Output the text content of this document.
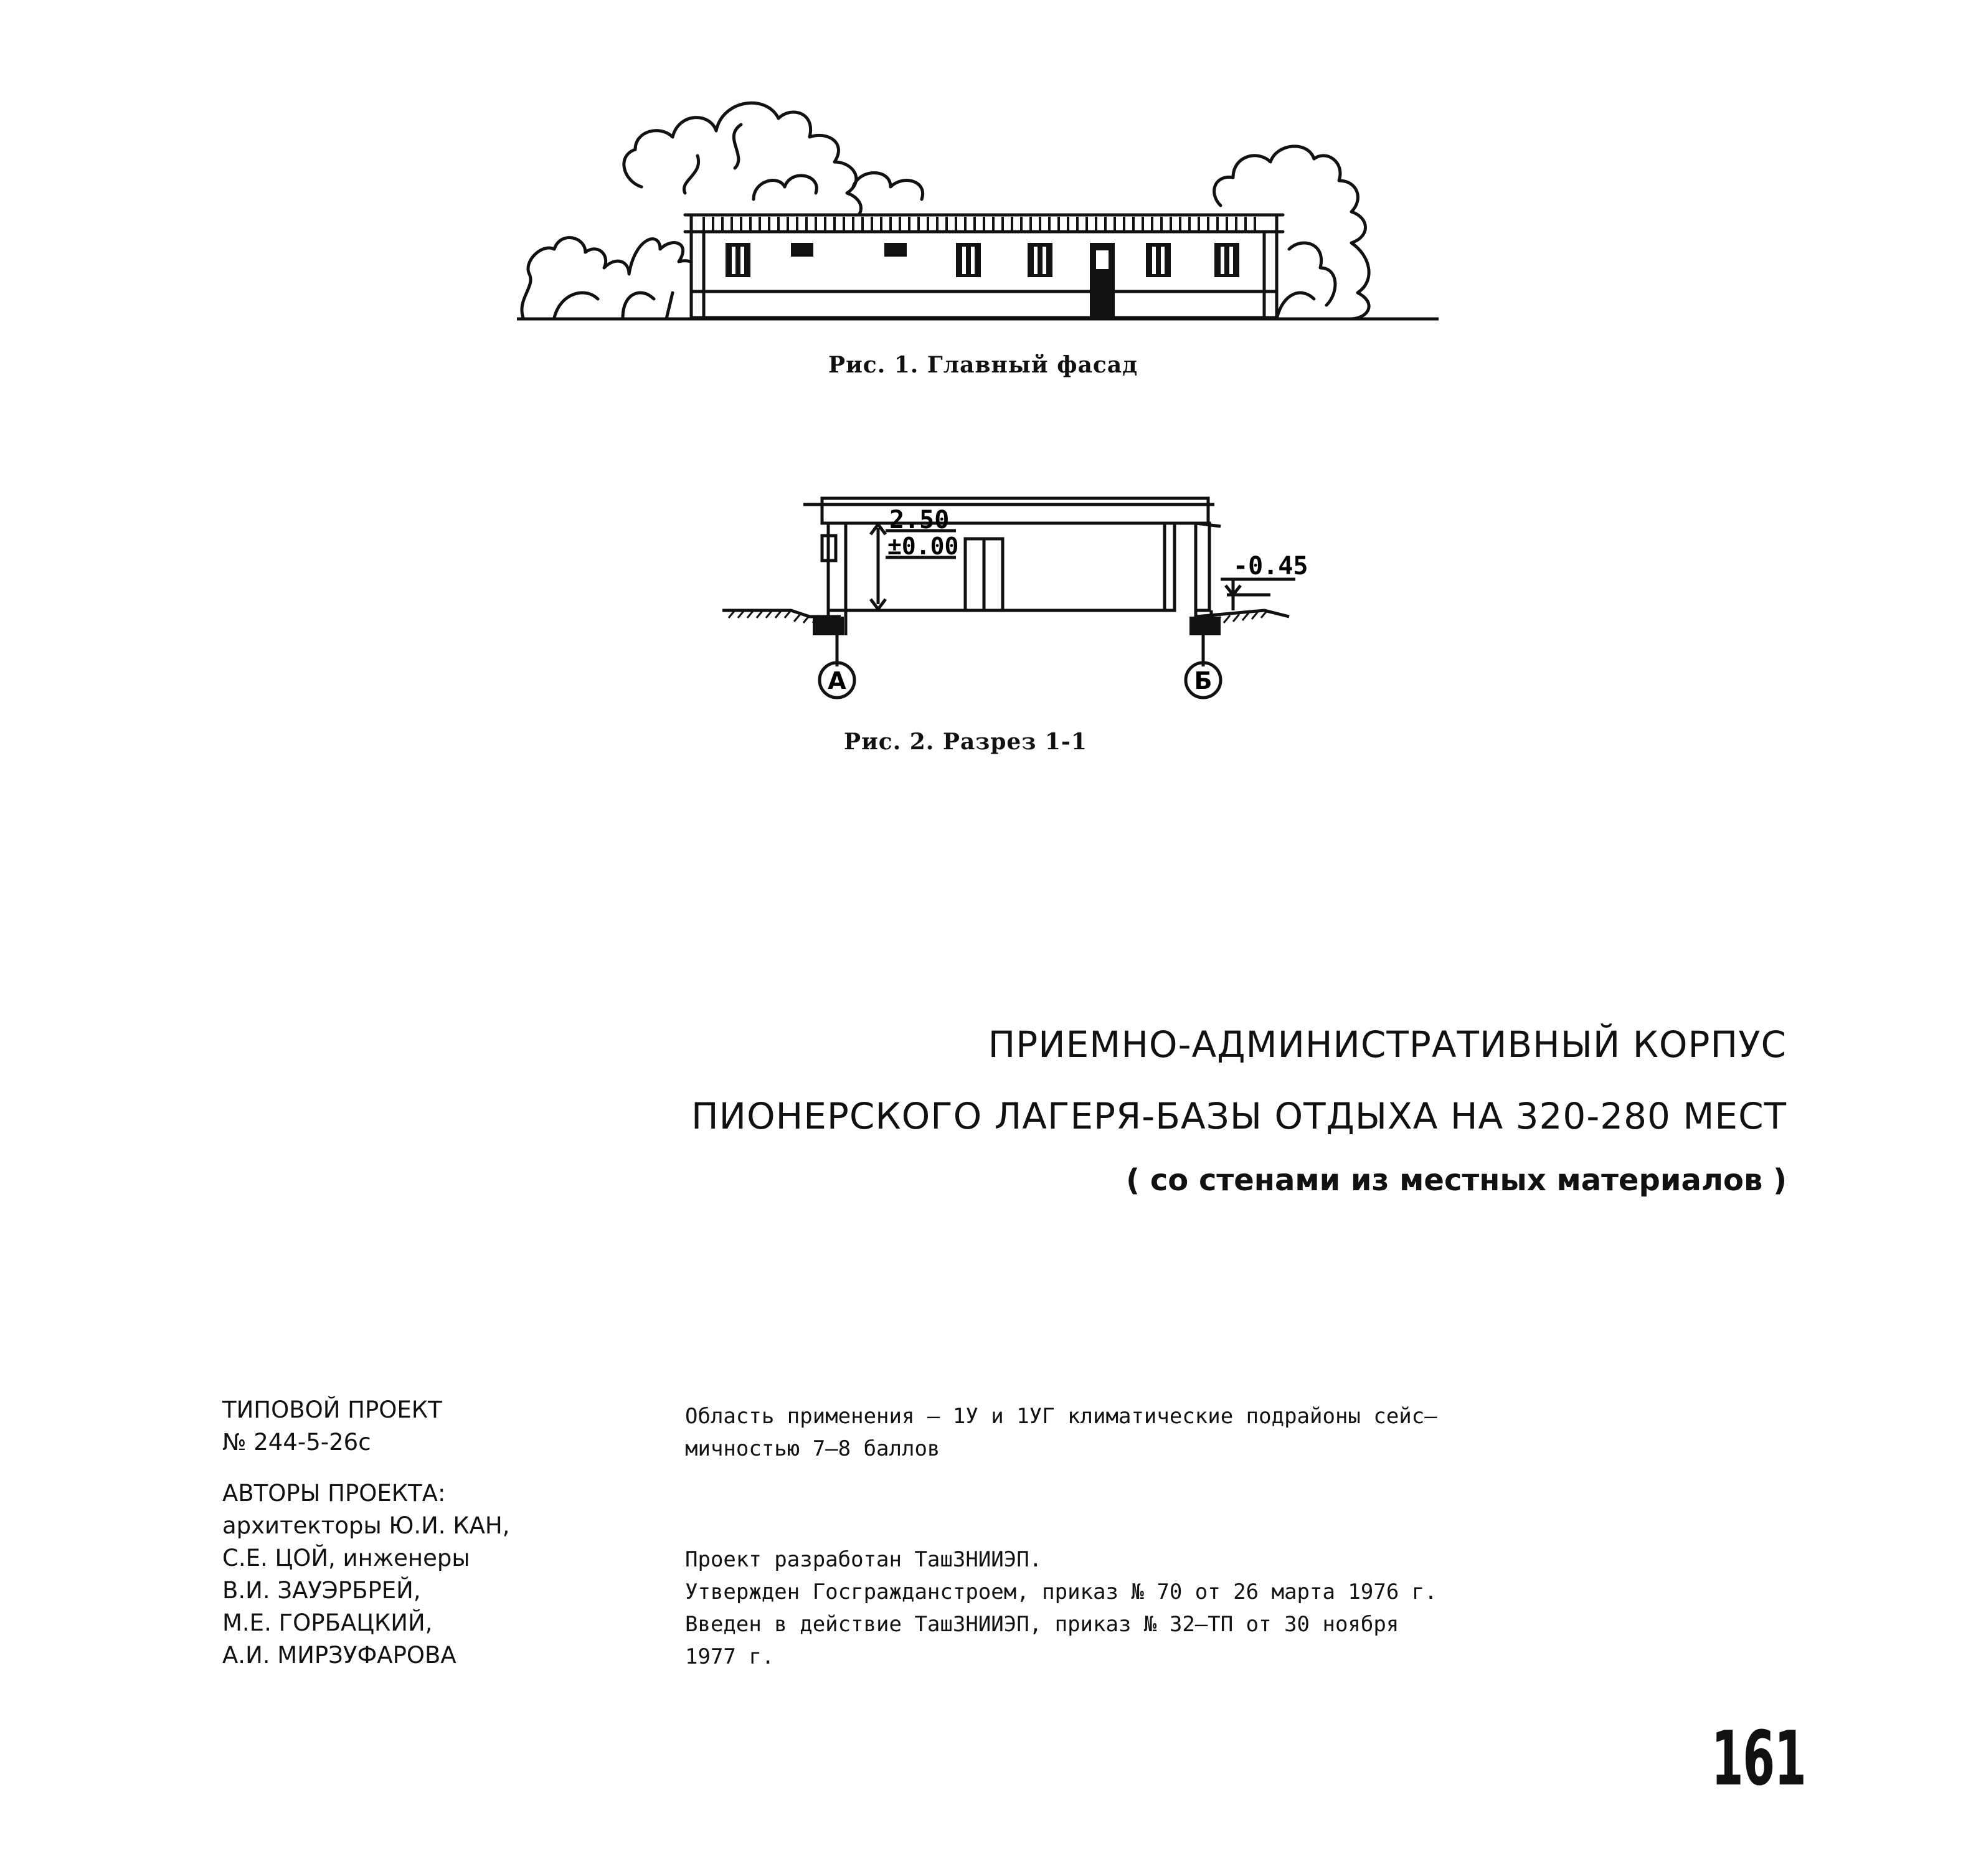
Рис. 1. Главный фасад
2.50
±0.00
-0.45
А	Б
Рис. 2. Разрез 1-1
ПРИЕМНО-АДМИНИСТРАТИВНЫЙ КОРПУС
ПИОНЕРСКОГО ЛАГЕРЯ-БАЗЫ ОТДЫХА НА 320-280 МЕСТ
( со стенами из местных материалов )
ТИПОВОЙ ПРОЕКТ
№ 244-5-26с
АВТОРЫ ПРОЕКТА:
архитекторы Ю.И. КАН,
С.Е. ЦОЙ, инженеры
В.И. ЗАУЭРБРЕЙ,
М.Е. ГОРБАЦКИЙ,
А.И. МИРЗУФАРОВА
Область применения – 1У и 1УГ климатические подрайоны сейс–
мичностью 7–8 баллов
Проект разработан ТашЗНИИЭП.
Утвержден Госгражданстроем, приказ № 70 от 26 марта 1976 г.
Введен в действие ТашЗНИИЭП, приказ № 32–ТП от 30 ноября
1977 г.
161
